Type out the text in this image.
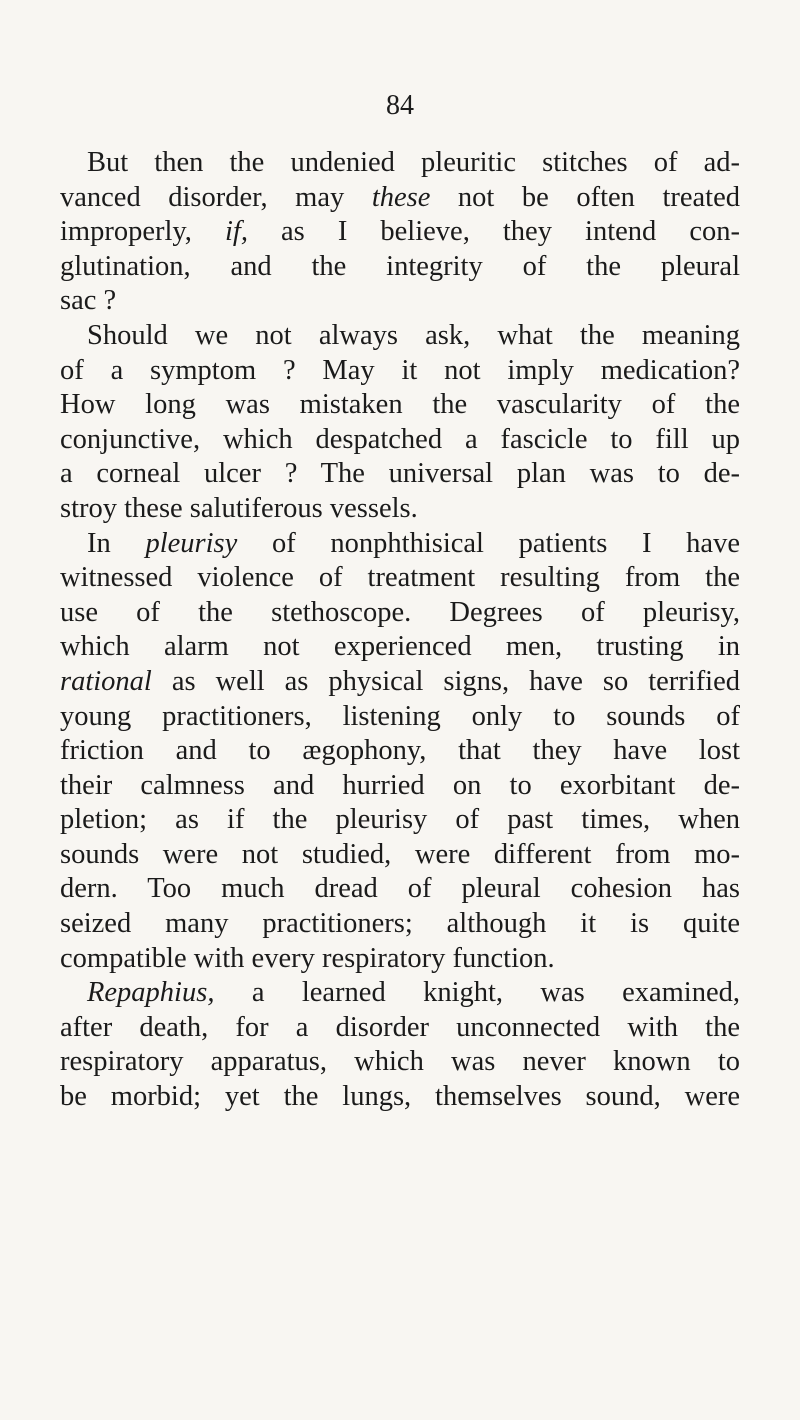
84
But then the undenied pleuritic stitches of ad-
vanced disorder, may these not be often treated
improperly, if, as I believe, they intend con-
glutination, and the integrity of the pleural
sac ?
Should we not always ask, what the meaning
of a symptom ? May it not imply medication?
How long was mistaken the vascularity of the
conjunctive, which despatched a fascicle to fill up
a corneal ulcer ? The universal plan was to de-
stroy these salutiferous vessels.
In pleurisy of nonphthisical patients I have
witnessed violence of treatment resulting from the
use of the stethoscope. Degrees of pleurisy,
which alarm not experienced men, trusting in
rational as well as physical signs, have so terrified
young practitioners, listening only to sounds of
friction and to ægophony, that they have lost
their calmness and hurried on to exorbitant de-
pletion; as if the pleurisy of past times, when
sounds were not studied, were different from mo-
dern. Too much dread of pleural cohesion has
seized many practitioners; although it is quite
compatible with every respiratory function.
Repaphius, a learned knight, was examined,
after death, for a disorder unconnected with the
respiratory apparatus, which was never known to
be morbid; yet the lungs, themselves sound, were
